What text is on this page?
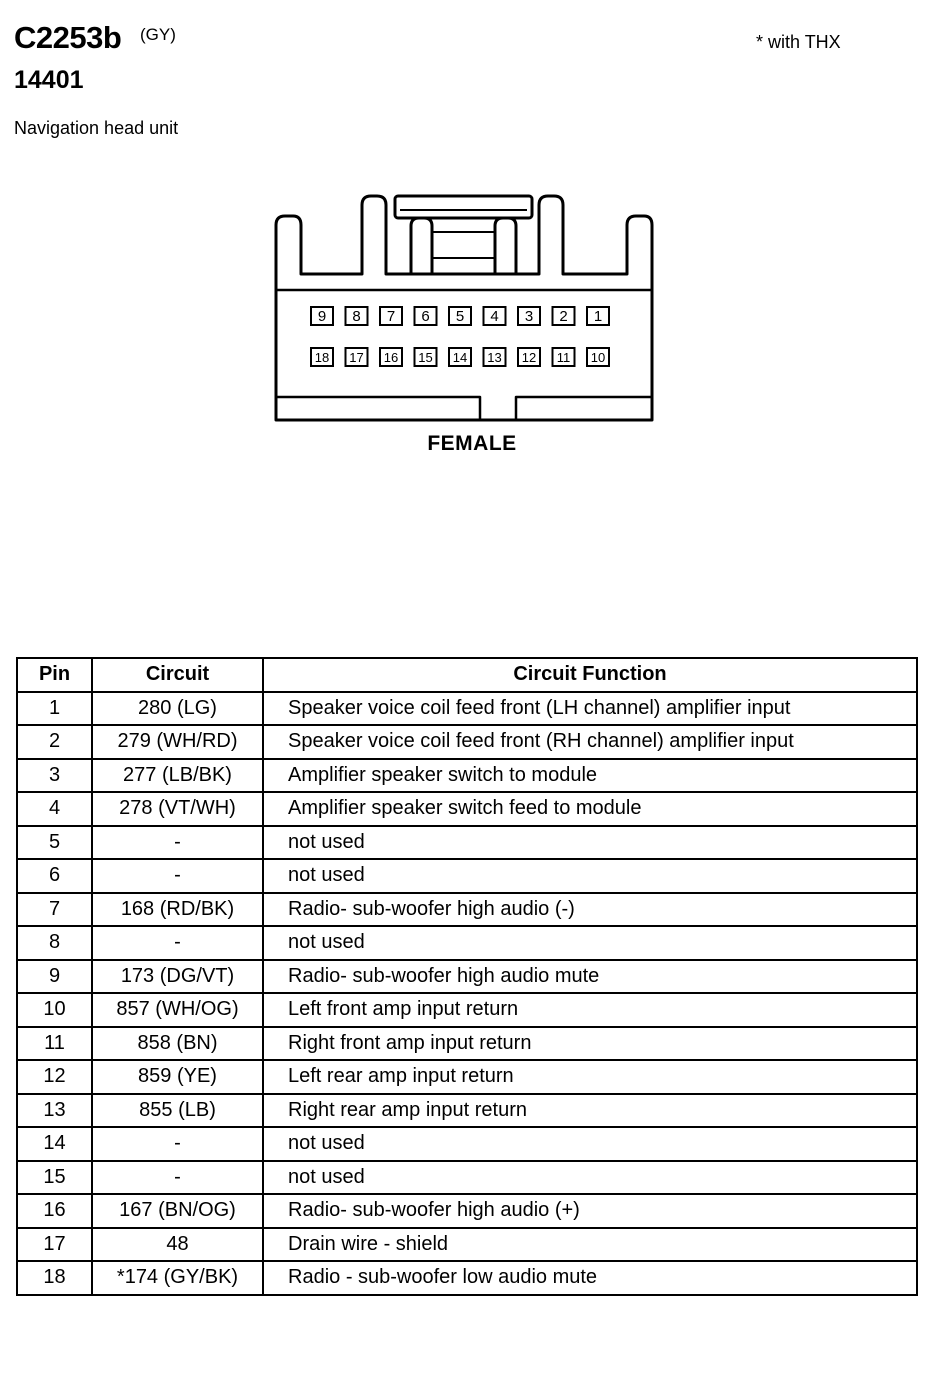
C2253b (GY)	* with THX
14401
Navigation head unit
9 8 7 6 5 4 3 2 1
18 17 16 15 14 13 12 11 10
FEMALE
Pin	Circuit	Circuit Function
1	280 (LG)	Speaker voice coil feed front (LH channel) amplifier input
2	279 (WH/RD)	Speaker voice coil feed front (RH channel) amplifier input
3	277 (LB/BK)	Amplifier speaker switch to module
4	278 (VT/WH)	Amplifier speaker switch feed to module
5	-	not used
6	-	not used
7	168 (RD/BK)	Radio- sub-woofer high audio (-)
8	-	not used
9	173 (DG/VT)	Radio- sub-woofer high audio mute
10	857 (WH/OG)	Left front amp input return
11	858 (BN)	Right front amp input return
12	859 (YE)	Left rear amp input return
13	855 (LB)	Right rear amp input return
14	-	not used
15	-	not used
16	167 (BN/OG)	Radio- sub-woofer high audio (+)
17	48	Drain wire - shield
18	*174 (GY/BK)	Radio - sub-woofer low audio mute
